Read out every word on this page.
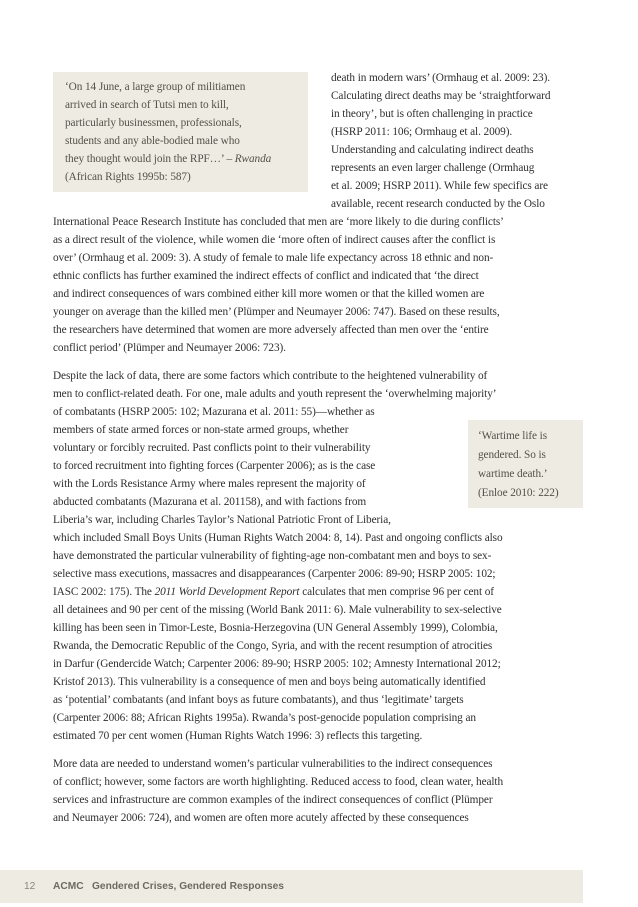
‘On 14 June, a large group of militiamen
arrived in search of Tutsi men to kill,
particularly businessmen, professionals,
students and any able-bodied male who
they thought would join the RPF…’ – Rwanda
(African Rights 1995b: 587)
‘Wartime life is
gendered. So is
wartime death.’
(Enloe 2010: 222)
death in modern wars’ (Ormhaug et al. 2009: 23).
Calculating direct deaths may be ‘straightforward
in theory’, but is often challenging in practice
(HSRP 2011: 106; Ormhaug et al. 2009).
Understanding and calculating indirect deaths
represents an even larger challenge (Ormhaug
et al. 2009; HSRP 2011). While few specifics are
available, recent research conducted by the Oslo
International Peace Research Institute has concluded that men are ‘more likely to die during conflicts’
as a direct result of the violence, while women die ‘more often of indirect causes after the conflict is
over’ (Ormhaug et al. 2009: 3). A study of female to male life expectancy across 18 ethnic and non-
ethnic conflicts has further examined the indirect effects of conflict and indicated that ‘the direct
and indirect consequences of wars combined either kill more women or that the killed women are
younger on average than the killed men’ (Plümper and Neumayer 2006: 747). Based on these results,
the researchers have determined that women are more adversely affected than men over the ‘entire
conflict period’ (Plümper and Neumayer 2006: 723).
Despite the lack of data, there are some factors which contribute to the heightened vulnerability of
men to conflict-related death. For one, male adults and youth represent the ‘overwhelming majority’
of combatants (HSRP 2005: 102; Mazurana et al. 2011: 55)—whether as
members of state armed forces or non-state armed groups, whether
voluntary or forcibly recruited. Past conflicts point to their vulnerability
to forced recruitment into fighting forces (Carpenter 2006); as is the case
with the Lords Resistance Army where males represent the majority of
abducted combatants (Mazurana et al. 201158), and with factions from
Liberia’s war, including Charles Taylor’s National Patriotic Front of Liberia,
which included Small Boys Units (Human Rights Watch 2004: 8, 14). Past and ongoing conflicts also
have demonstrated the particular vulnerability of fighting-age non-combatant men and boys to sex-
selective mass executions, massacres and disappearances (Carpenter 2006: 89-90; HSRP 2005: 102;
IASC 2002: 175). The 2011 World Development Report calculates that men comprise 96 per cent of
all detainees and 90 per cent of the missing (World Bank 2011: 6). Male vulnerability to sex-selective
killing has been seen in Timor-Leste, Bosnia-Herzegovina (UN General Assembly 1999), Colombia,
Rwanda, the Democratic Republic of the Congo, Syria, and with the recent resumption of atrocities
in Darfur (Gendercide Watch; Carpenter 2006: 89-90; HSRP 2005: 102; Amnesty International 2012;
Kristof 2013). This vulnerability is a consequence of men and boys being automatically identified
as ‘potential’ combatants (and infant boys as future combatants), and thus ‘legitimate’ targets
(Carpenter 2006: 88; African Rights 1995a). Rwanda’s post-genocide population comprising an
estimated 70 per cent women (Human Rights Watch 1996: 3) reflects this targeting.
More data are needed to understand women’s particular vulnerabilities to the indirect consequences
of conflict; however, some factors are worth highlighting. Reduced access to food, clean water, health
services and infrastructure are common examples of the indirect consequences of conflict (Plümper
and Neumayer 2006: 724), and women are often more acutely affected by these consequences
12 ACMC Gendered Crises, Gendered Responses
